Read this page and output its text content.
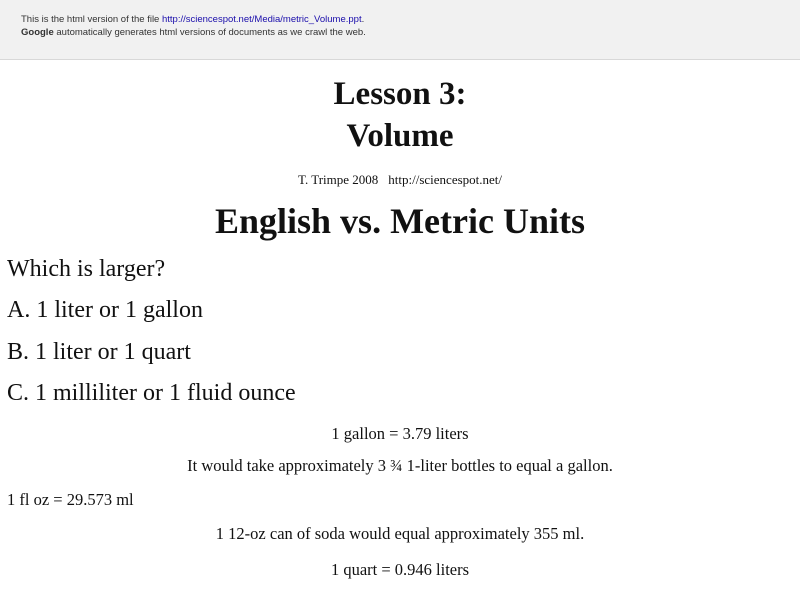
This is the html version of the file http://sciencespot.net/Media/metric_Volume.ppt.
Google automatically generates html versions of documents as we crawl the web.
Lesson 3:
Volume
T. Trimpe 2008 http://sciencespot.net/
English vs. Metric Units
Which is larger?
A. 1 liter or 1 gallon
B. 1 liter or 1 quart
C. 1 milliliter or 1 fluid ounce
1 gallon = 3.79 liters
It would take approximately 3 ¾ 1-liter bottles to equal a gallon.
1 fl oz = 29.573 ml
1 12-oz can of soda would equal approximately 355 ml.
1 quart = 0.946 liters
